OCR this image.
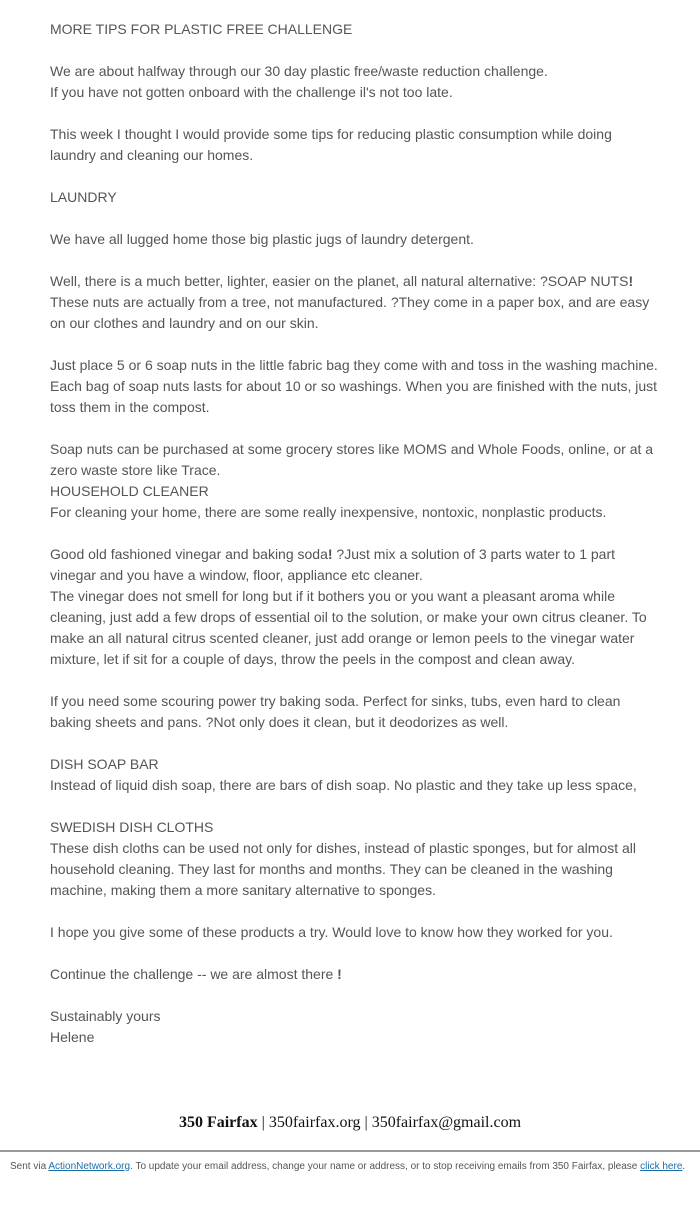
MORE TIPS FOR PLASTIC FREE CHALLENGE

We are about halfway through our 30 day plastic free/waste reduction challenge.
If you have not gotten onboard with the challenge il's not too late.

This week I thought I would provide some tips for reducing plastic consumption while doing laundry and cleaning our homes.

LAUNDRY

We have all lugged home those big plastic jugs of laundry detergent.

Well, there is a much better, lighter, easier on the planet, all natural alternative: ?SOAP NUTS! These nuts are actually from a tree, not manufactured. ?They come in a paper box, and are easy on our clothes and laundry and on our skin.

Just place 5 or 6 soap nuts in the little fabric bag they come with and toss in the washing machine. Each bag of soap nuts lasts for about 10 or so washings. When you are finished with the nuts, just toss them in the compost.

Soap nuts can be purchased at some grocery stores like MOMS and Whole Foods, online, or at a zero waste store like Trace.

HOUSEHOLD CLEANER

For cleaning your home, there are some really inexpensive, nontoxic, nonplastic products.

Good old fashioned vinegar and baking soda! ?Just mix a solution of 3 parts water to 1 part vinegar and you have a window, floor, appliance etc cleaner.

The vinegar does not smell for long but if it bothers you or you want a pleasant aroma while cleaning, just add a few drops of essential oil to the solution, or make your own citrus cleaner. To make an all natural citrus scented cleaner, just add orange or lemon peels to the vinegar water mixture, let if sit for a couple of days, throw the peels in the compost and clean away.

If you need some scouring power try baking soda. Perfect for sinks, tubs, even hard to clean baking sheets and pans. ?Not only does it clean, but it deodorizes as well.

DISH SOAP BAR

Instead of liquid dish soap, there are bars of dish soap. No plastic and they take up less space,

SWEDISH DISH CLOTHS

These dish cloths can be used not only for dishes, instead of plastic sponges, but for almost all household cleaning. They last for months and months. They can be cleaned in the washing machine, making them a more sanitary alternative to sponges.

I hope you give some of these products a try. Would love to know how they worked for you.

Continue the challenge -- we are almost there !

Sustainably yours

Helene

350 Fairfax | 350fairfax.org | 350fairfax@gmail.com
Sent via ActionNetwork.org. To update your email address, change your name or address, or to stop receiving emails from 350 Fairfax, please click here.
